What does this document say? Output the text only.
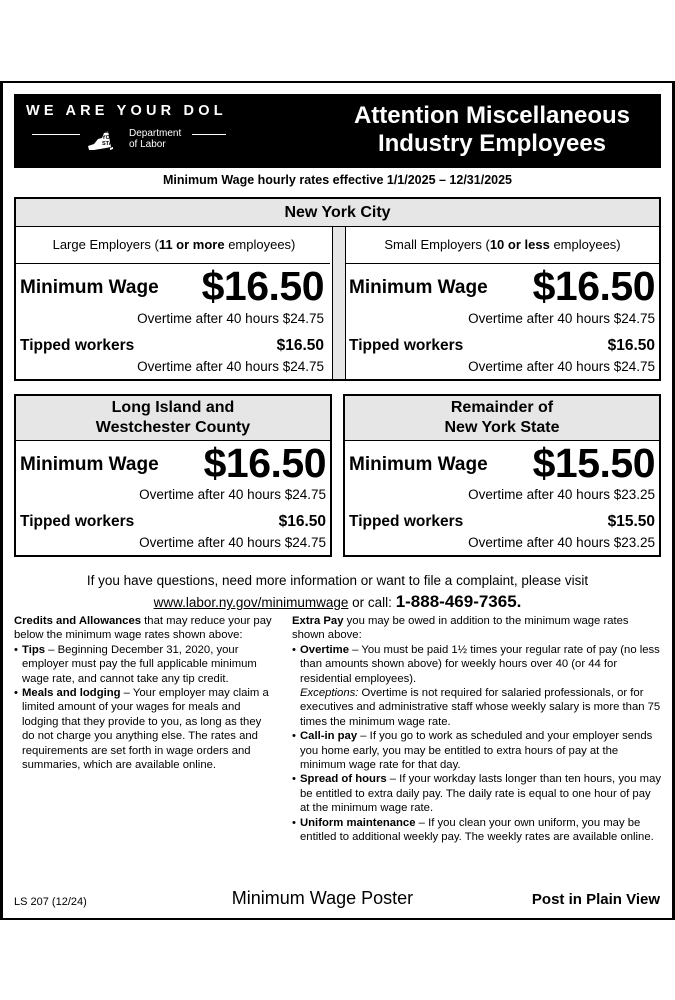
WE ARE YOUR DOL
NEW
YORK
STATE
Department
of Labor
Attention Miscellaneous
Industry Employees
Minimum Wage hourly rates effective 1/1/2025 – 12/31/2025
New York City
Large Employers (11 or more employees)
Minimum Wage $16.50
Overtime after 40 hours $24.75
Tipped workers	$16.50
Overtime after 40 hours $24.75
Small Employers (10 or less employees)
Minimum Wage $16.50
Overtime after 40 hours $24.75
Tipped workers	$16.50
Overtime after 40 hours $24.75
Long Island and
Westchester County
Minimum Wage $16.50
Overtime after 40 hours $24.75
Tipped workers	$16.50
Overtime after 40 hours $24.75
Remainder of
New York State
Minimum Wage $15.50
Overtime after 40 hours $23.25
Tipped workers	$15.50
Overtime after 40 hours $23.25
If you have questions, need more information or want to file a complaint, please visit
www.labor.ny.gov/minimumwage or call: 1-888-469-7365.
Credits and Allowances that may reduce your pay below the minimum wage rates shown above:
• Tips – Beginning December 31, 2020, your employer must pay the full applicable minimum wage rate, and cannot take any tip credit.
• Meals and lodging – Your employer may claim a limited amount of your wages for meals and lodging that they provide to you, as long as they do not charge you anything else. The rates and requirements are set forth in wage orders and summaries, which are available online.
Extra Pay you may be owed in addition to the minimum wage rates shown above:
• Overtime – You must be paid 1½ times your regular rate of pay (no less than amounts shown above) for weekly hours over 40 (or 44 for residential employees).
Exceptions: Overtime is not required for salaried professionals, or for executives and administrative staff whose weekly salary is more than 75 times the minimum wage rate.
• Call-in pay – If you go to work as scheduled and your employer sends you home early, you may be entitled to extra hours of pay at the minimum wage rate for that day.
• Spread of hours – If your workday lasts longer than ten hours, you may be entitled to extra daily pay. The daily rate is equal to one hour of pay at the minimum wage rate.
• Uniform maintenance – If you clean your own uniform, you may be entitled to additional weekly pay. The weekly rates are available online.
LS 207 (12/24)	Minimum Wage Poster	Post in Plain View
